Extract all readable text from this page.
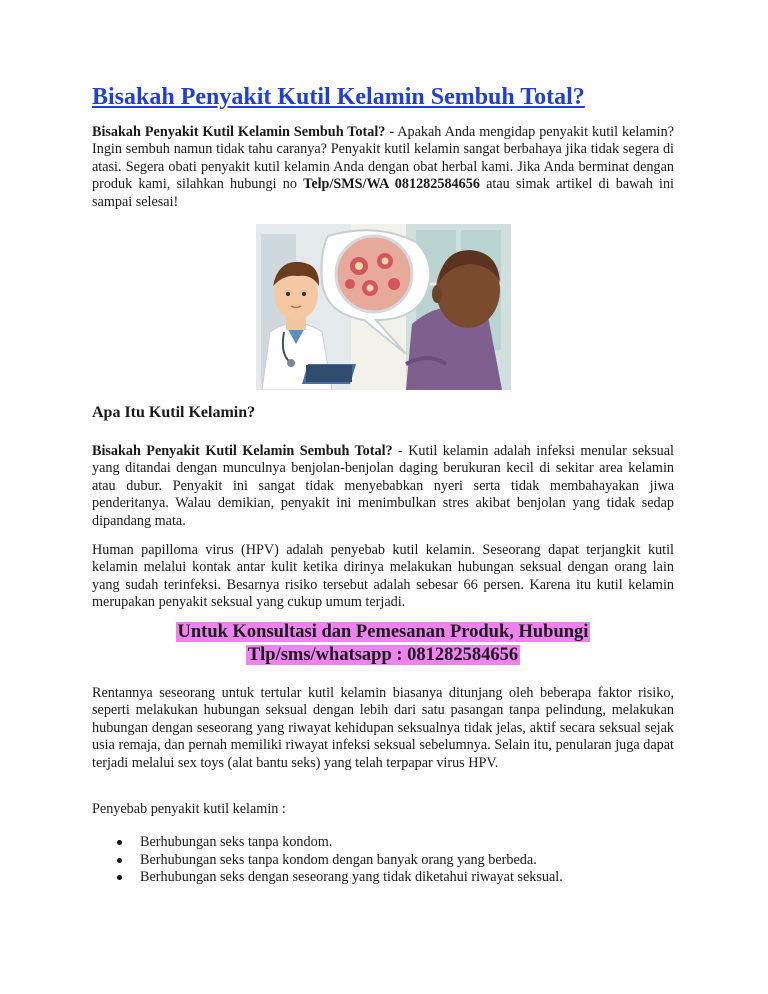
Bisakah Penyakit Kutil Kelamin Sembuh Total?

Bisakah Penyakit Kutil Kelamin Sembuh Total? - Apakah Anda mengidap penyakit kutil kelamin? Ingin sembuh namun tidak tahu caranya? Penyakit kutil kelamin sangat berbahaya jika tidak segera di atasi. Segera obati penyakit kutil kelamin Anda dengan obat herbal kami. Jika Anda berminat dengan produk kami, silahkan hubungi no Telp/SMS/WA 081282584656 atau simak artikel di bawah ini sampai selesai!

Apa Itu Kutil Kelamin?

Bisakah Penyakit Kutil Kelamin Sembuh Total? - Kutil kelamin adalah infeksi menular seksual yang ditandai dengan munculnya benjolan-benjolan daging berukuran kecil di sekitar area kelamin atau dubur. Penyakit ini sangat tidak menyebabkan nyeri serta tidak membahayakan jiwa penderitanya. Walau demikian, penyakit ini menimbulkan stres akibat benjolan yang tidak sedap dipandang mata.

Human papilloma virus (HPV) adalah penyebab kutil kelamin. Seseorang dapat terjangkit kutil kelamin melalui kontak antar kulit ketika dirinya melakukan hubungan seksual dengan orang lain yang sudah terinfeksi. Besarnya risiko tersebut adalah sebesar 66 persen. Karena itu kutil kelamin merupakan penyakit seksual yang cukup umum terjadi.

Untuk Konsultasi dan Pemesanan Produk, Hubungi
Tlp/sms/whatsapp : 081282584656

Rentannya seseorang untuk tertular kutil kelamin biasanya ditunjang oleh beberapa faktor risiko, seperti melakukan hubungan seksual dengan lebih dari satu pasangan tanpa pelindung, melakukan hubungan dengan seseorang yang riwayat kehidupan seksualnya tidak jelas, aktif secara seksual sejak usia remaja, dan pernah memiliki riwayat infeksi seksual sebelumnya. Selain itu, penularan juga dapat terjadi melalui sex toys (alat bantu seks) yang telah terpapar virus HPV.

Penyebab penyakit kutil kelamin :

Berhubungan seks tanpa kondom.
Berhubungan seks tanpa kondom dengan banyak orang yang berbeda.
Berhubungan seks dengan seseorang yang tidak diketahui riwayat seksual.
